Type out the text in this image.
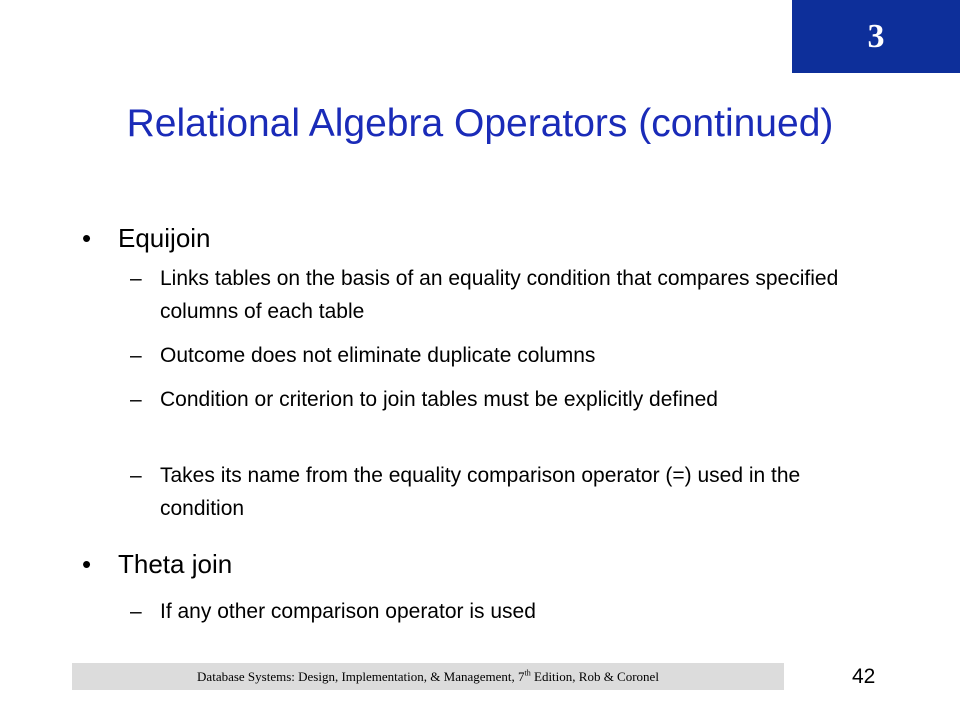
3
Relational Algebra Operators (continued)
• Equijoin
– Links tables on the basis of an equality condition that compares specified columns of each table
– Outcome does not eliminate duplicate columns
– Condition or criterion to join tables must be explicitly defined
– Takes its name from the equality comparison operator (=) used in the condition
• Theta join
– If any other comparison operator is used
Database Systems: Design, Implementation, & Management, 7th Edition, Rob & Coronel	42
